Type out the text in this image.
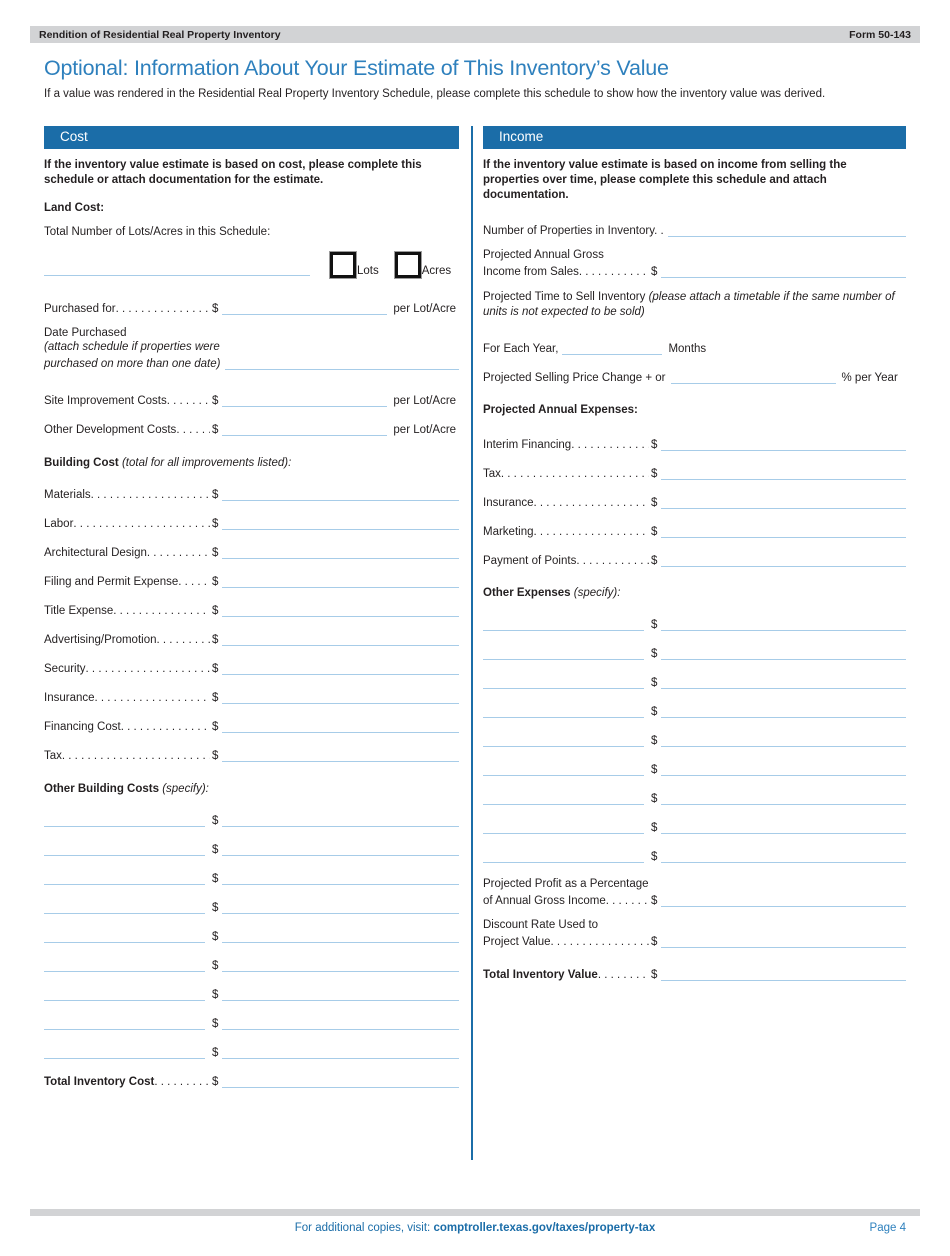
Rendition of Residential Real Property Inventory	Form 50-143
Optional: Information About Your Estimate of This Inventory’s Value

If a value was rendered in the Residential Real Property Inventory Schedule, please complete this schedule to show how the inventory value was derived.

Cost

If the inventory value estimate is based on cost, please complete this schedule or attach documentation for the estimate.

Land Cost:
Total Number of Lots/Acres in this Schedule:
Lots	Acres
Purchased for . . .	$	per Lot/Acre
Date Purchased
(attach schedule if properties were
purchased on more than one date)
Site Improvement Costs . . .	$	per Lot/Acre
Other Development Costs . . .	$	per Lot/Acre
Building Cost (total for all improvements listed):
Materials . . .	$
Labor . . .	$
Architectural Design . . .	$
Filing and Permit Expense . . .	$
Title Expense . . .	$
Advertising/Promotion . . .	$
Security . . .	$
Insurance . . .	$
Financing Cost . . .	$
Tax . . .	$
Other Building Costs (specify):
$
$
$
$
$
$
$
$
$
Total Inventory Cost . . .	$
Income

If the inventory value estimate is based on income from selling the properties over time, please complete this schedule and attach documentation.

Number of Properties in Inventory. .
Projected Annual Gross
Income from Sales . . .	$

Projected Time to Sell Inventory (please attach a timetable if the same number of units is not expected to be sold)

For Each Year,	Months
Projected Selling Price Change + or	% per Year
Projected Annual Expenses:
Interim Financing . . .	$
Tax . . .	$
Insurance . . .	$
Marketing . . .	$
Payment of Points . . .	$
Other Expenses (specify):
$
$
$
$
$
$
$
$
$
Projected Profit as a Percentage
of Annual Gross Income . . .	$
Discount Rate Used to
Project Value . . .	$
Total Inventory Value . . .	$
For additional copies, visit: comptroller.texas.gov/taxes/property-tax	Page 4
